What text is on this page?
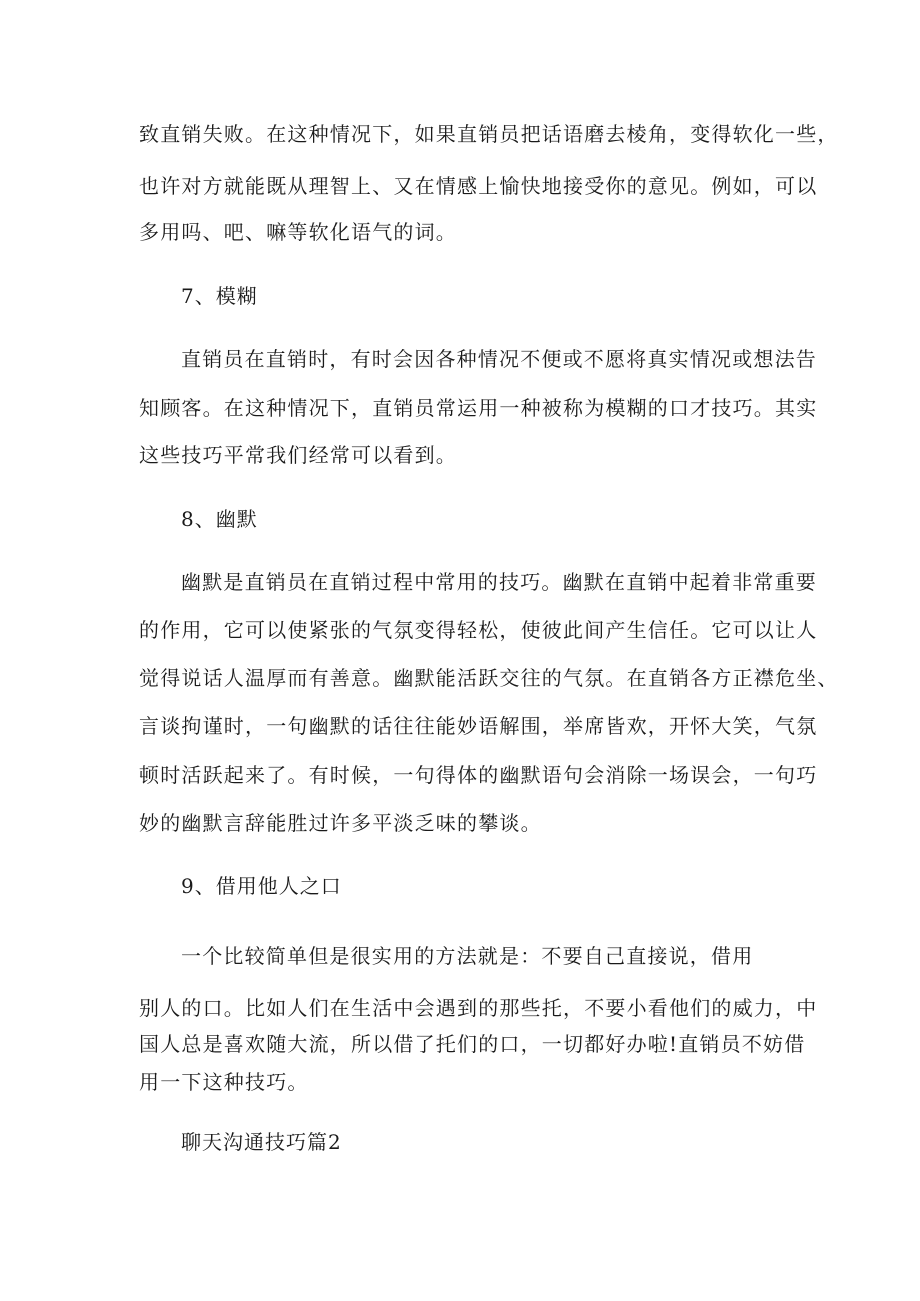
致直销失败。在这种情况下，如果直销员把话语磨去棱角，变得软化一些，
也许对方就能既从理智上、又在情感上愉快地接受你的意见。例如，可以
多用吗、吧、嘛等软化语气的词。
7、模糊
直销员在直销时，有时会因各种情况不便或不愿将真实情况或想法告
知顾客。在这种情况下，直销员常运用一种被称为模糊的口才技巧。其实
这些技巧平常我们经常可以看到。
8、幽默
幽默是直销员在直销过程中常用的技巧。幽默在直销中起着非常重要
的作用，它可以使紧张的气氛变得轻松，使彼此间产生信任。它可以让人
觉得说话人温厚而有善意。幽默能活跃交往的气氛。在直销各方正襟危坐、
言谈拘谨时，一句幽默的话往往能妙语解围，举席皆欢，开怀大笑，气氛
顿时活跃起来了。有时候，一句得体的幽默语句会消除一场误会，一句巧
妙的幽默言辞能胜过许多平淡乏味的攀谈。
9、借用他人之口
一个比较简单但是很实用的方法就是：不要自己直接说，借用
别人的口。比如人们在生活中会遇到的那些托，不要小看他们的威力，中
国人总是喜欢随大流，所以借了托们的口，一切都好办啦!直销员不妨借
用一下这种技巧。
聊天沟通技巧篇2
